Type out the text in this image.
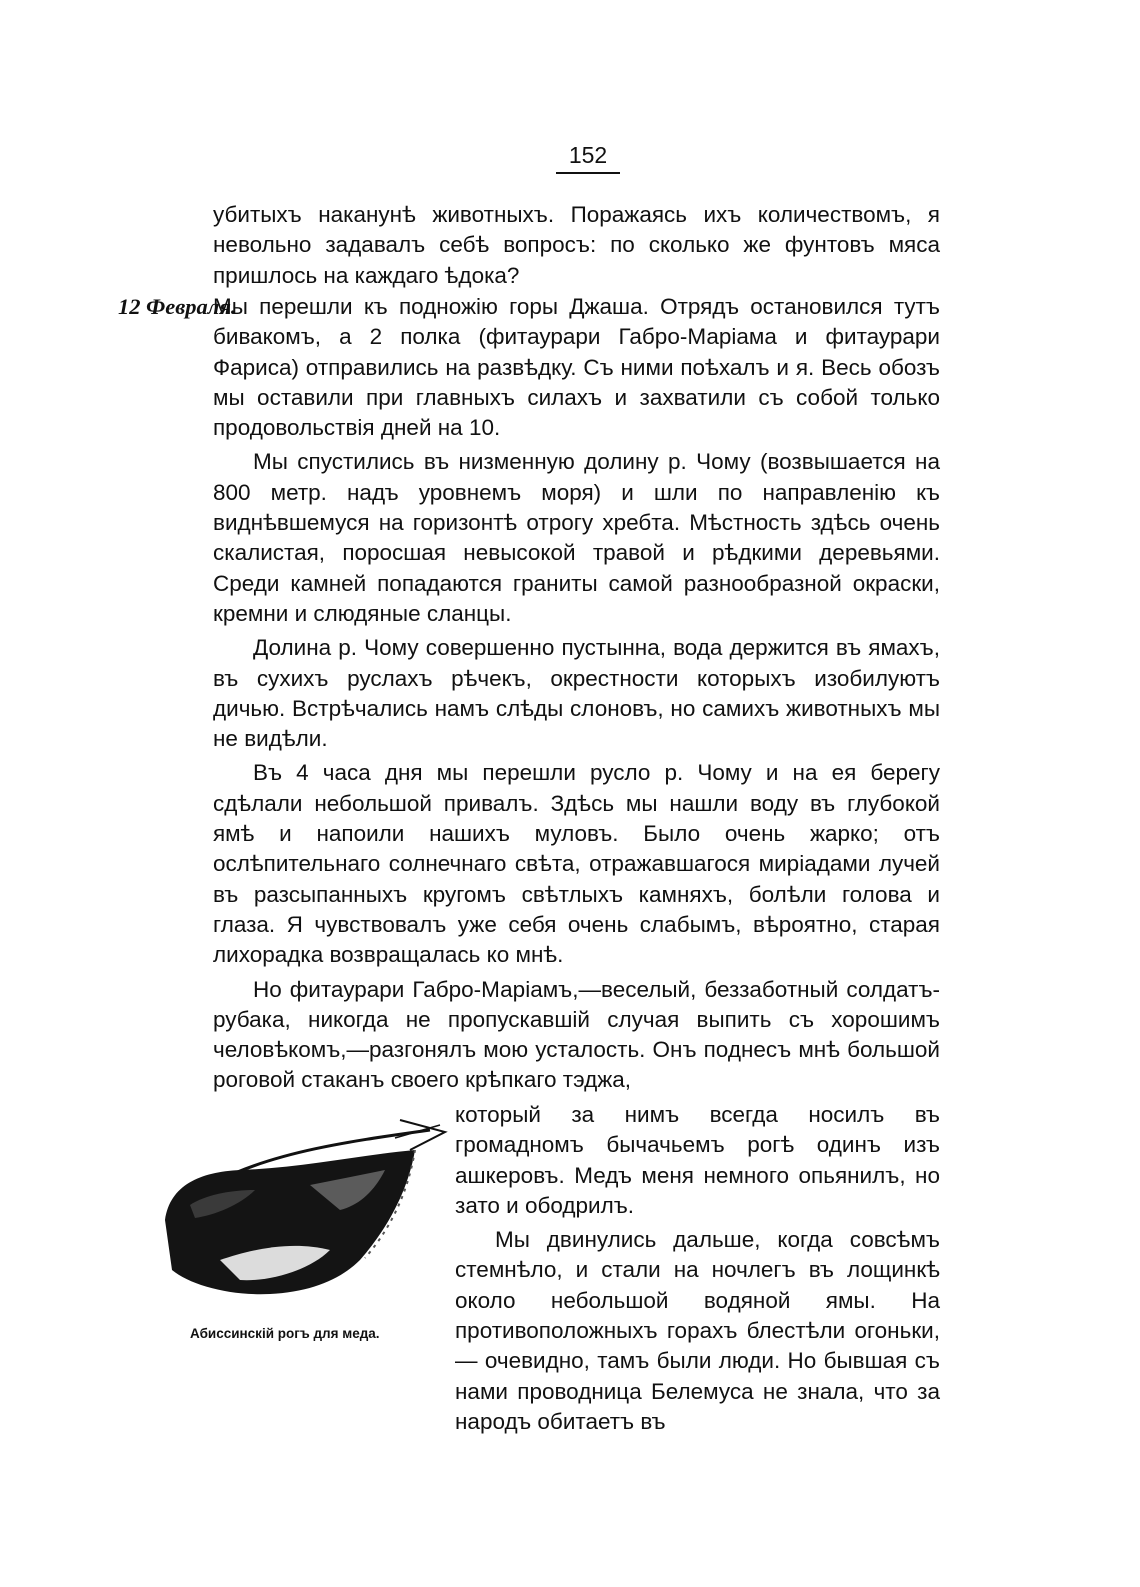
152

убитыхъ наканунѣ животныхъ. Поражаясь ихъ количествомъ, я невольно задавалъ себѣ вопросъ: по сколько же фунтовъ мяса пришлось на каждаго ѣдока?

12 Февраля.

Мы перешли къ подножiю горы Джаша. Отрядъ остановился тутъ бивакомъ, а 2 полка (фитаурари Габро-Марiама и фитаурари Фариса) отправились на развѣдку. Съ ними поѣхалъ и я. Весь обозъ мы оставили при главныхъ силахъ и захватили съ собой только продовольствiя дней на 10.

Мы спустились въ низменную долину р. Чому (возвышается на 800 метр. надъ уровнемъ моря) и шли по направленiю къ виднѣвшемуся на горизонтѣ отрогу хребта. Мѣстность здѣсь очень скалистая, поросшая невысокой травой и рѣдкими деревьями. Среди камней попадаются граниты самой разнообразной окраски, кремни и слюдяные сланцы.

Долина р. Чому совершенно пустынна, вода держится въ ямахъ, въ сухихъ руслахъ рѣчекъ, окрестности которыхъ изобилуютъ дичью. Встрѣчались намъ слѣды слоновъ, но самихъ животныхъ мы не видѣли.

Въ 4 часа дня мы перешли русло р. Чому и на ея берегу сдѣлали небольшой привалъ. Здѣсь мы нашли воду въ глубокой ямѣ и напоили нашихъ муловъ. Было очень жарко; отъ ослѣпительнаго солнечнаго свѣта, отражавшагося мирiадами лучей въ разсыпанныхъ кругомъ свѣтлыхъ камняхъ, болѣли голова и глаза. Я чувствовалъ уже себя очень слабымъ, вѣроятно, старая лихорадка возвращалась ко мнѣ.

Но фитаурари Габро-Марiамъ,—веселый, беззаботный солдатъ-рубака, никогда не пропускавшiй случая выпить съ хорошимъ человѣкомъ,—разгонялъ мою усталость. Онъ поднесъ мнѣ большой роговой стаканъ своего крѣпкаго тэджа,

который за нимъ всегда носилъ въ громадномъ бычачьемъ рогѣ одинъ изъ ашкеровъ. Медъ меня немного опьянилъ, но зато и ободрилъ.

Мы двинулись дальше, когда совсѣмъ стемнѣло, и стали на ночлегъ въ лощинкѣ около небольшой водяной ямы. На противоположныхъ горахъ блестѣли огоньки, — очевидно, тамъ были люди. Но бывшая съ нами проводница Белемуса не знала, что за народъ обитаетъ въ

Абиссинскiй рогъ для меда.
